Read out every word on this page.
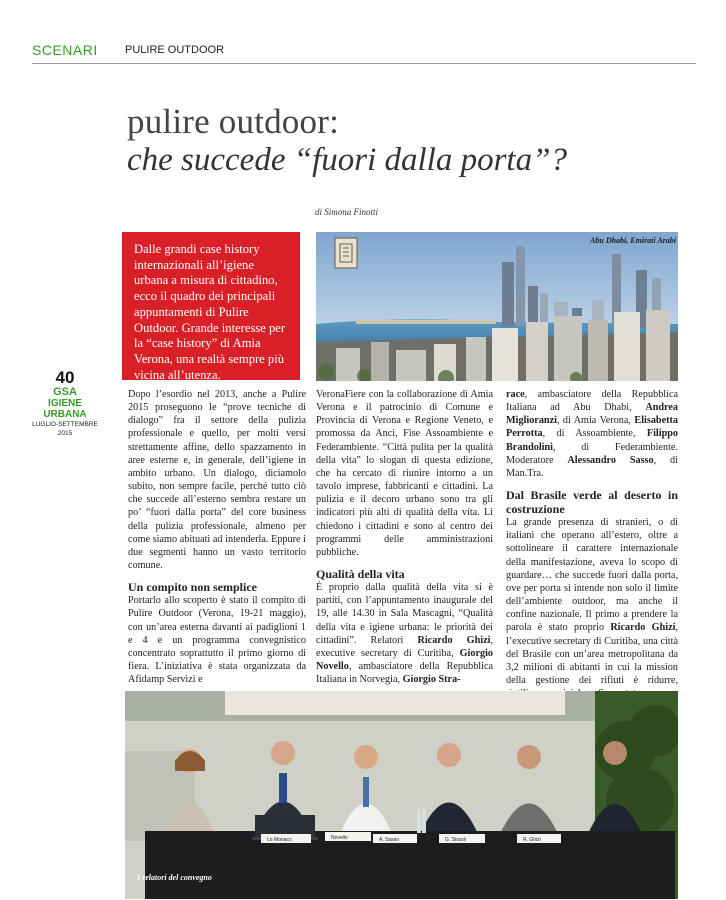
SCENARI PULIRE OUTDOOR
pulire outdoor:
che succede “fuori dalla porta”?
di Simona Finotti
Dalle grandi case history internazionali all’igiene urbana a misura di cittadino, ecco il quadro dei principali appuntamenti di Pulire Outdoor. Grande interesse per la “case history” di Amia Verona, una realtà sempre più vicina all’utenza.
Abu Dhabi, Emirati Arabi
40
GSA
IGIENE URBANA
LUGLIO-SETTEMBRE 2015

Dopo l’esordio nel 2013, anche a Pulire 2015 proseguono le “prove tecniche di dialogo” fra il settore della pulizia professionale e quello, per molti versi strettamente affine, dello spazzamento in aree esterne e, in generale, dell’igiene in ambito urbano. Un dialogo, diciamolo subito, non sempre facile, perché tutto ciò che succede all’esterno sembra restare un po’ “fuori dalla porta” del core business della pulizia professionale, almeno per come siamo abituati ad intenderla. Eppure i due segmenti hanno un vasto territorio comune.

Un compito non semplice

Portarlo allo scoperto è stato il compito di Pulire Outdoor (Verona, 19-21 maggio), con un’area esterna davanti ai padiglioni 1 e 4 e un programma convegnistico concentrato soprattutto il primo giorno di fiera. L’iniziativa è stata organizzata da Afidamp Servizi e

VeronaFiere con la collaborazione di Amia Verona e il patrocinio di Comune e Provincia di Verona e Regione Veneto, e promossa da Anci, Fise Assoambiente e Federambiente. “Città pulita per la qualità della vita” lo slogan di questa edizione, che ha cercato di riunire intorno a un tavolo imprese, fabbricanti e cittadini. La pulizia e il decoro urbano sono tra gli indicatori più alti di qualità della vita. Li chiedono i cittadini e sono al centro dei programmi delle amministrazioni pubbliche.

Qualità della vita

È proprio dalla qualità della vita si è partiti, con l’appuntamento inaugurale del 19, alle 14.30 in Sala Mascagni, “Qualità della vita e igiene urbana: le priorità dei cittadini”. Relatori Ricardo Ghizi, executive secretary di Curitiba, Giorgio Novello, ambasciatore della Repubblica Italiana in Norvegia, Giorgio Stra-

race, ambasciatore della Repubblica Italiana ad Abu Dhabi, Andrea Miglioranzi, di Amia Verona, Elisabetta Perrotta, di Assoambiente, Filippo Brandolini, di Federambiente. Moderatore Alessandro Sasso, di Man.Tra.

Dal Brasile verde al deserto in costruzione

La grande presenza di stranieri, o di italiani che operano all’estero, oltre a sottolineare il carattere internazionale della manifestazione, aveva lo scopo di guardare… che succede fuori dalla porta, ove per porta si intende non solo il limite dell’ambiente outdoor, ma anche il confine nazionale. Il primo a prendere la parola è stato proprio Ricardo Ghizi, l’executive secretary di Curitiba, una città del Brasile con un’area metropolitana da 3,2 milioni di abitanti in cui la mission della gestione dei rifiuti è ridurre,

Lo Monaco	Novello	A. Sasso	G. Stracè	R. Ghizi
I relatori del convegno
